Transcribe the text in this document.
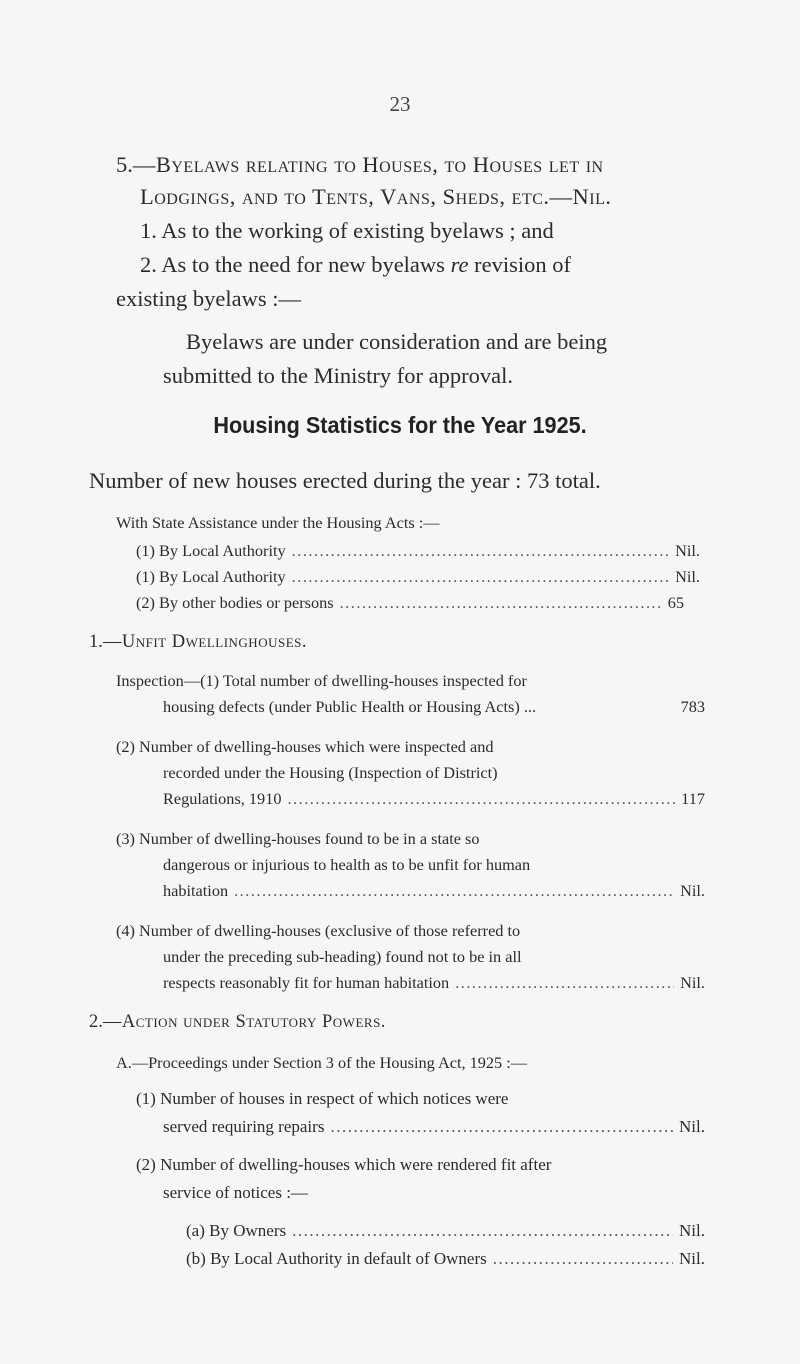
23
5.—Byelaws relating to Houses, to Houses let in
Lodgings, and to Tents, Vans, Sheds, etc.—Nil.
1. As to the working of existing byelaws ; and
2. As to the need for new byelaws re revision of
existing byelaws :—
Byelaws are under consideration and are being
submitted to the Ministry for approval.
Housing Statistics for the Year 1925.
Number of new houses erected during the year : 73 total.
With State Assistance under the Housing Acts :—
(1) By Local Authority .....	Nil.
(1) By Local Authority .....	Nil.
(2) By other bodies or persons .....	65
1.—Unfit Dwellinghouses.
Inspection—(1) Total number of dwelling-houses inspected for
housing defects (under Public Health or Housing Acts) ...	783
(2) Number of dwelling-houses which were inspected and
recorded under the Housing (Inspection of District)
Regulations, 1910 .....	117
(3) Number of dwelling-houses found to be in a state so
dangerous or injurious to health as to be unfit for human
habitation .....	Nil.
(4) Number of dwelling-houses (exclusive of those referred to
under the preceding sub-heading) found not to be in all
respects reasonably fit for human habitation .....	Nil.
2.—Action under Statutory Powers.
A.—Proceedings under Section 3 of the Housing Act, 1925 :—
(1) Number of houses in respect of which notices were
served requiring repairs .....	Nil.
(2) Number of dwelling-houses which were rendered fit after
service of notices :—
(a) By Owners .....	Nil.
(b) By Local Authority in default of Owners .....	Nil.
